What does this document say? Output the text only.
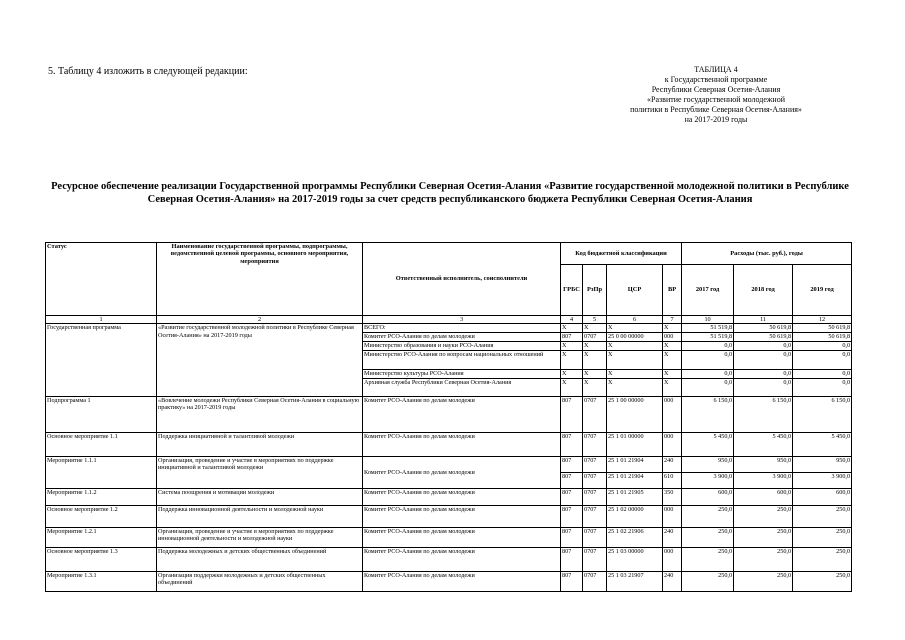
5. Таблицу 4 изложить в следующей редакции:	ТАБЛИЦА 4
к Государственной программе
Республики Северная Осетия-Алания
«Развитие государственной молодежной
политики в Республике Северная Осетия-Алания»
на 2017-2019 годы
Ресурсное обеспечение реализации Государственной программы Республики Северная Осетия-Алания «Развитие государственной молодежной политики в Республике Северная Осетия-Алания» на 2017-2019 годы за счет средств республиканского бюджета Республики Северная Осетия-Алания
Статус	Наименование государственной программы, подпрограммы, ведомственной целевой программы, основного мероприятия, мероприятия	Ответственный исполнитель, соисполнители	Код бюджетной классификации				Расходы (тыс. руб.), годы		
			ГРБС	РзПр	ЦСР	ВР	2017 год	2018 год	2019 год
1	2	3	4	5	6	7	10	11	12
Государственная программа	«Развитие государственной молодежной политики в Республике Северная Осетия-Алания» на 2017-2019 годы	ВСЕГО:	X	X	X	X	51 519,8	50 619,8	50 619,8
		Комитет РСО-Алания по делам молодежи	807	0707	25 0 00 00000	000	51 519,8	50 619,8	50 619,8
		Министерство образования и науки РСО-Алания	X	X	X	X	0,0	0,0	0,0
		Министерство РСО-Алания по вопросам национальных отношений	X	X	X	X	0,0	0,0	0,0
		Министерство культуры РСО-Алания	X	X	X	X	0,0	0,0	0,0
		Архивная служба Республики Северная Осетия-Алания	X	X	X	X	0,0	0,0	0,0
Подпрограмма 1	«Вовлечение молодежи Республики Северная Осетия-Алания в социальную практику» на 2017-2019 годы	Комитет РСО-Алания по делам молодежи	807	0707	25 1 00 00000	000	6 150,0	6 150,0	6 150,0
Основное мероприятие 1.1	Поддержка инициативной и талантливой молодежи	Комитет РСО-Алания по делам молодежи	807	0707	25 1 01 00000	000	5 450,0	5 450,0	5 450,0
Мероприятие 1.1.1	Организация, проведение и участие в мероприятиях по поддержке инициативной и талантливой молодежи	Комитет РСО-Алания по делам молодежи	807	0707	25 1 01 21904	240	950,0	950,0	950,0
			807	0707	25 1 01 21904	610	3 900,0	3 900,0	3 900,0
Мероприятие 1.1.2	Система поощрения и мотивации молодежи	Комитет РСО-Алания по делам молодежи	807	0707	25 1 01 21905	350	600,0	600,0	600,0
Основное мероприятие 1.2	Поддержка инновационной деятельности и молодежной науки	Комитет РСО-Алания по делам молодежи	807	0707	25 1 02 00000	000	250,0	250,0	250,0
Мероприятие 1.2.1	Организация, проведение и участие в мероприятиях по поддержке инновационной деятельности и молодежной науки	Комитет РСО-Алания по делам молодежи	807	0707	25 1 02 21906	240	250,0	250,0	250,0
Основное мероприятие 1.3	Поддержка молодежных и детских общественных объединений	Комитет РСО-Алания по делам молодежи	807	0707	25 1 03 00000	000	250,0	250,0	250,0
Мероприятие 1.3.1	Организация поддержки молодежных и детских общественных объединений	Комитет РСО-Алания по делам молодежи	807	0707	25 1 03 21907	240	250,0	250,0	250,0
